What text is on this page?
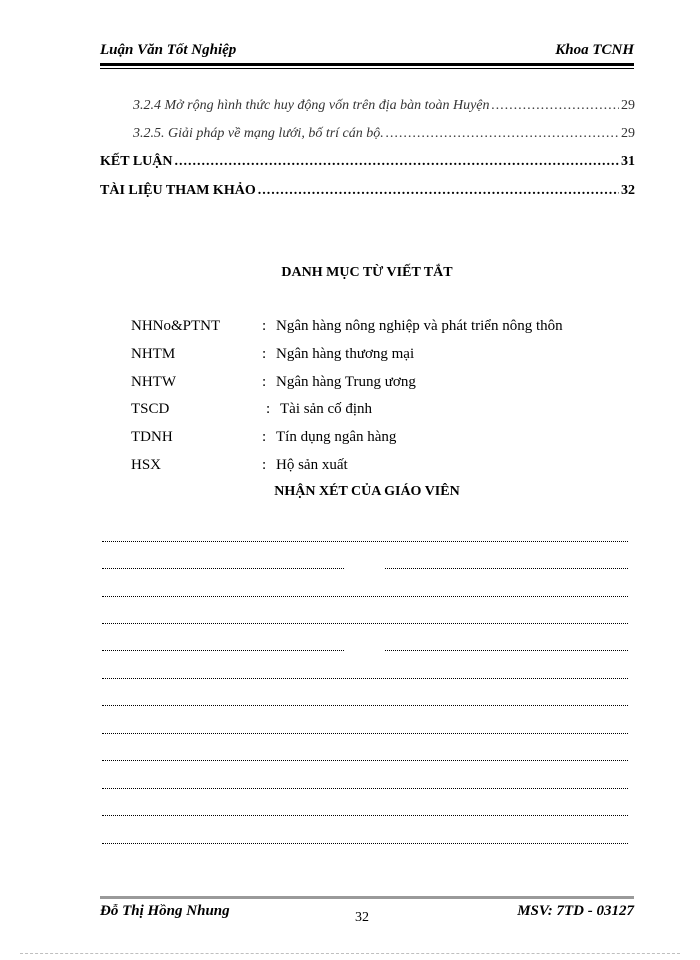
Luận Văn Tốt Nghiệp	Khoa TCNH
3.2.4 Mở rộng hình thức huy động vốn trên địa bàn toàn Huyện .....	29
3.2.5. Giải pháp về mạng lưới, bố trí cán bộ. .....	29
KẾT LUẬN .....	31
TÀI LIỆU THAM KHẢO .....	32
DANH MỤC TỪ VIẾT TẮT
NHNo&PTNT	: Ngân hàng nông nghiệp và phát triển nông thôn
NHTM	: Ngân hàng thương mại
NHTW	: Ngân hàng Trung ương
TSCD	: Tài sản cố định
TDNH	: Tín dụng ngân hàng
HSX	: Hộ sản xuất
NHẬN XÉT CỦA GIÁO VIÊN
Đỗ Thị Hồng Nhung	32	MSV: 7TD - 03127
